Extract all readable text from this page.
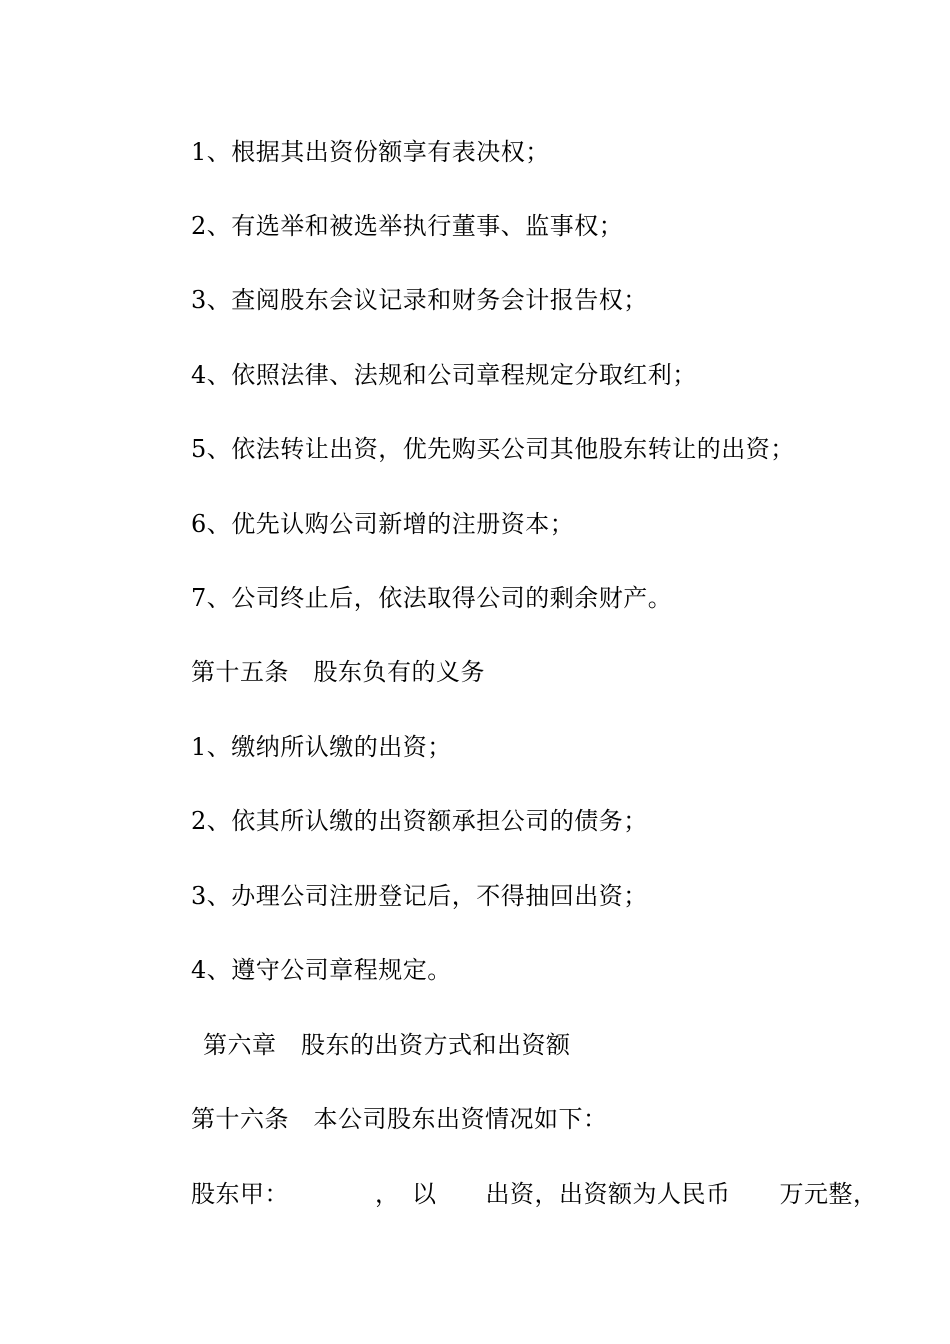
1、根据其出资份额享有表决权；
2、有选举和被选举执行董事、监事权；
3、查阅股东会议记录和财务会计报告权；
4、依照法律、法规和公司章程规定分取红利；
5、依法转让出资，优先购买公司其他股东转让的出资；
6、优先认购公司新增的注册资本；
7、公司终止后，依法取得公司的剩余财产。
第十五条　股东负有的义务
1、缴纳所认缴的出资；
2、依其所认缴的出资额承担公司的债务；
3、办理公司注册登记后，不得抽回出资；
4、遵守公司章程规定。
第六章　股东的出资方式和出资额
第十六条　本公司股东出资情况如下：
股东甲：　　　　，　以　　出资，出资额为人民币　　万元整，
